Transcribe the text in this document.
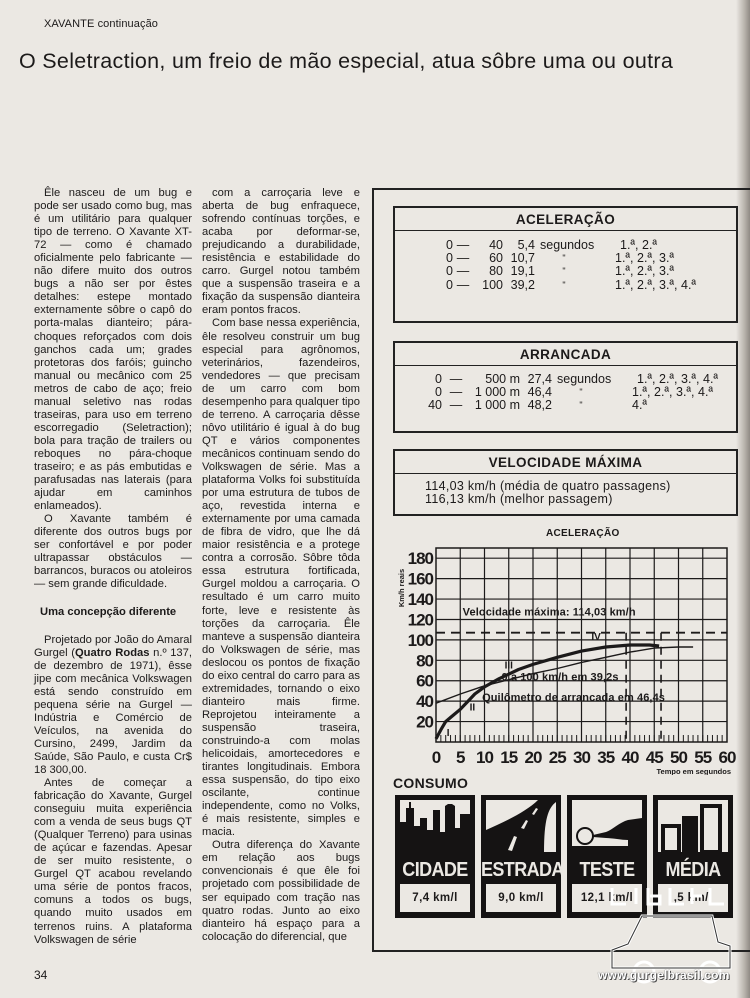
XAVANTE continuação
O Seletraction, um freio de mão especial, atua sôbre uma ou outra

Êle nasceu de um bug e pode ser usado como bug, mas é um utilitário para qualquer tipo de terreno. O Xavante XT-72 — como é chamado oficialmente pelo fabricante — não difere muito dos outros bugs a não ser por êstes detalhes: estepe montado externamente sôbre o capô do porta-malas dianteiro; pára-choques reforçados com dois ganchos cada um; grades protetoras dos faróis; guincho manual ou mecânico com 25 metros de cabo de aço; freio manual seletivo nas rodas traseiras, para uso em terreno escorregadio (Seletraction); bola para tração de trailers ou reboques no pára-choque traseiro; e as pás embutidas e parafusadas nas laterais (para ajudar em caminhos enlameados).

O Xavante também é diferente dos outros bugs por ser confortável e por poder ultrapassar obstáculos — barrancos, buracos ou atoleiros — sem grande dificuldade.

Uma concepção diferente

Projetado por João do Amaral Gurgel (Quatro Rodas n.º 137, de dezembro de 1971), êsse jipe com mecânica Volkswagen está sendo construído em pequena série na Gurgel — Indústria e Comércio de Veículos, na avenida do Cursino, 2499, Jardim da Saúde, São Paulo, e custa Cr$ 18 300,00.

Antes de começar a fabricação do Xavante, Gurgel conseguiu muita experiência com a venda de seus bugs QT (Qualquer Terreno) para usinas de açúcar e fazendas. Apesar de ser muito resistente, o Gurgel QT acabou revelando uma série de pontos fracos, comuns a todos os bugs, quando muito usados em terrenos ruins. A plataforma Volkswagen de série

com a carroçaria leve e aberta de bug enfraquece, sofrendo contínuas torções, e acaba por deformar-se, prejudicando a durabilidade, resistência e estabilidade do carro. Gurgel notou também que a suspensão traseira e a fixação da suspensão dianteira eram pontos fracos.

Com base nessa experiência, êle resolveu construir um bug especial para agrônomos, veterinários, fazendeiros, vendedores — que precisam de um carro com bom desempenho para qualquer tipo de terreno. A carroçaria dêsse nôvo utilitário é igual à do bug QT e vários componentes mecânicos continuam sendo do Volkswagen de série. Mas a plataforma Volks foi substituída por uma estrutura de tubos de aço, revestida interna e externamente por uma camada de fibra de vidro, que lhe dá maior resistência e a protege contra a corrosão. Sôbre tôda essa estrutura fortificada, Gurgel moldou a carroçaria. O resultado é um carro muito forte, leve e resistente às torções da carroçaria. Êle manteve a suspensão dianteira do Volkswagen de série, mas deslocou os pontos de fixação do eixo central do carro para as extremidades, tornando o eixo dianteiro mais firme. Reprojetou inteiramente a suspensão traseira, construindo-a com molas helicoidais, amortecedores e tirantes longitudinais. Embora essa suspensão, do tipo eixo oscilante, continue independente, como no Volks, é mais resistente, simples e macia.

Outra diferença do Xavante em relação aos bugs convencionais é que êle foi projetado com possibilidade de ser equipado com tração nas quatro rodas. Junto ao eixo dianteiro há espaço para a colocação do diferencial, que

34
ACELERAÇÃO
0 —	40	5,4 segundos	1.ª, 2.ª
0 —	60 10,7	"	1.ª, 2.ª, 3.ª
0 —	80 19,1	"	1.ª, 2.ª, 3.ª
0 —	100 39,2	"	1.ª, 2.ª, 3.ª, 4.ª
ARRANCADA
0 —	500 m 27,4 segundos	1.ª, 2.ª, 3.ª, 4.ª
0 —	1 000 m 46,4	"	1.ª, 2.ª, 3.ª, 4.ª
40 —	1 000 m 48,2	"	4.ª
VELOCIDADE MÁXIMA
114,03 km/h (média de quatro passagens)
116,13 km/h (melhor passagem)
ACELERAÇÃO
20
40
60
80
100
120
140
160
180
0 5 10 15 20 25 30 35 40 45 50 55 60
Km/h reais
Tempo em segundos
I
II
III
IV
Velocidade máxima: 114,03 km/h
0 a 100 km/h em 39,2s
Quilômetro de arrancada em 46,4s
CONSUMO
CIDADE
7,4 km/l
ESTRADA
9,0 km/l
TESTE
12,1 km/l
MÉDIA
,5 km/l
www.gurgelbrasil.com
